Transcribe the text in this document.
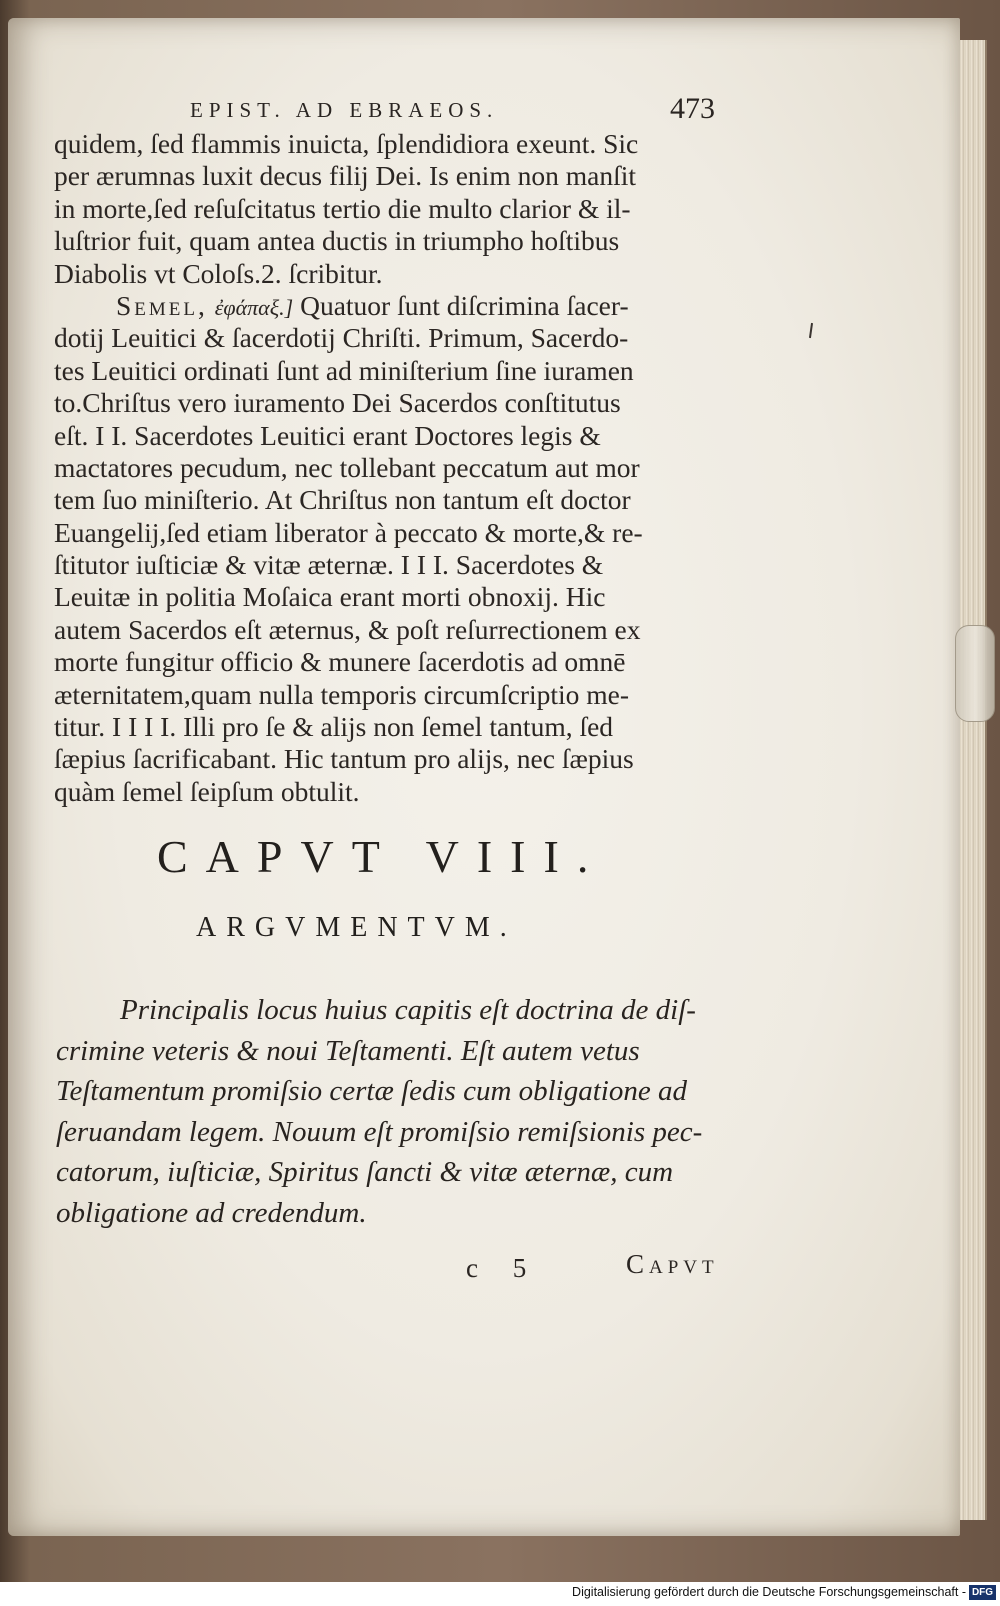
EPIST. AD EBRAEOS.	473
quidem, ſed flammis inuicta, ſplendidiora exeunt. Sic
per ærumnas luxit decus filij Dei. Is enim non manſit
in morte,ſed reſuſcitatus tertio die multo clarior & il-
luſtrior fuit, quam antea ductis in triumpho hoſtibus
Diabolis vt Coloſs.2. ſcribitur.
Semel, ἐφάπαξ.] Quatuor ſunt diſcrimina ſacer-
dotij Leuitici & ſacerdotij Chriſti. Primum, Sacerdo-
tes Leuitici ordinati ſunt ad miniſterium ſine iuramen
to.Chriſtus vero iuramento Dei Sacerdos conſtitutus
eſt. I I. Sacerdotes Leuitici erant Doctores legis &
mactatores pecudum, nec tollebant peccatum aut mor
tem ſuo miniſterio. At Chriſtus non tantum eſt doctor
Euangelij,ſed etiam liberator à peccato & morte,& re-
ſtitutor iuſticiæ & vitæ æternæ. I I I. Sacerdotes &
Leuitæ in politia Moſaica erant morti obnoxij. Hic
autem Sacerdos eſt æternus, & poſt reſurrectionem ex
morte fungitur officio & munere ſacerdotis ad omnē
æternitatem,quam nulla temporis circumſcriptio me-
titur. I I I I. Illi pro ſe & alijs non ſemel tantum, ſed
ſæpius ſacrificabant. Hic tantum pro alijs, nec ſæpius
quàm ſemel ſeipſum obtulit.
CAPVT VIII.
ARGVMENTVM.
Principalis locus huius capitis eſt doctrina de diſ-
crimine veteris & noui Teſtamenti. Eſt autem vetus
Teſtamentum promiſsio certæ ſedis cum obligatione ad
ſeruandam legem. Nouum eſt promiſsio remiſsionis pec-
catorum, iuſticiæ, Spiritus ſancti & vitæ æternæ, cum
obligatione ad credendum.
c 5	Capvt
Digitalisierung gefördert durch die Deutsche Forschungsgemeinschaft - DFG
